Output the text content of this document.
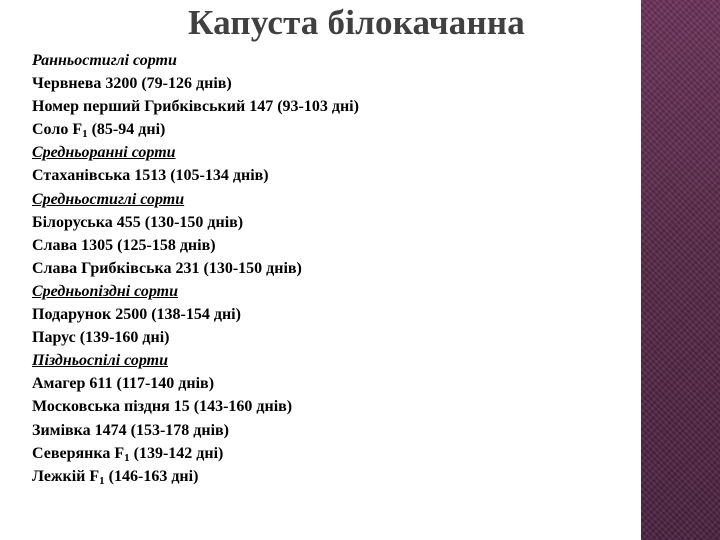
Капуста білокачанна
Ранньостиглі сорти
Червнева 3200 (79-126 днів)
Номер перший Грибківський 147 (93-103 дні)
Соло $F_1$ (85-94 дні)
Средньоранні сорти
Стаханівська 1513 (105-134 днів)
Средньостиглі сорти
Білоруська 455 (130-150 днів)
Слава 1305 (125-158 днів)
Слава Грибківська 231 (130-150 днів)
Средньопіздні сорти
Подарунок 2500 (138-154 дні)
Парус (139-160 дні)
Піздньоспілі сорти
Амагер 611 (117-140 днів)
Московська піздня 15 (143-160 днів)
Зимівка 1474 (153-178 днів)
Северянка $F_1$ (139-142 дні)
Лежкій $F_1$ (146-163 дні)
